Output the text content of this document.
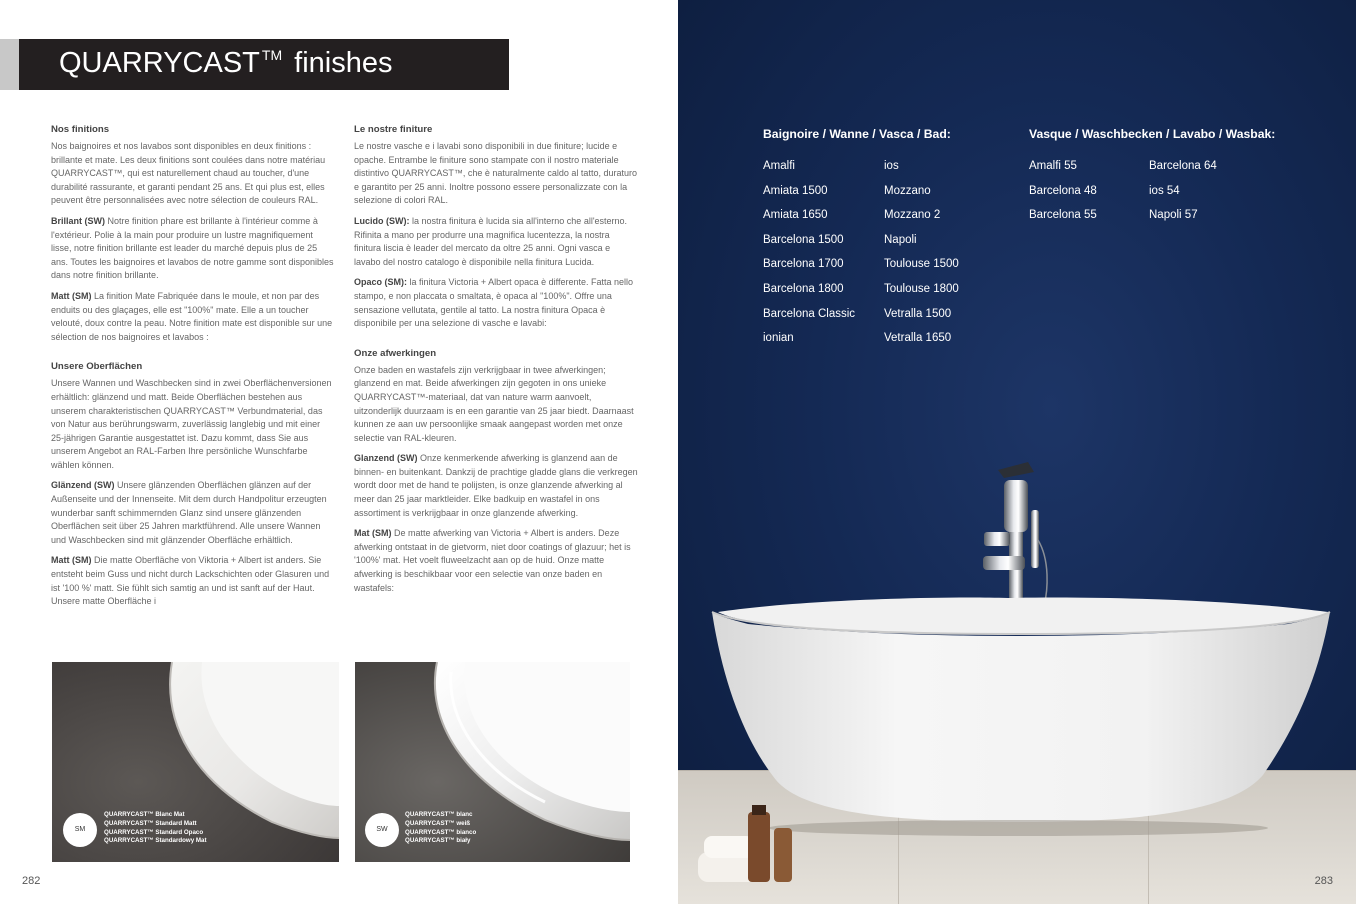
QUARRYCAST ™ finishes
Nos finitions

Nos baignoires et nos lavabos sont disponibles en deux finitions : brillante et mate. Les deux finitions sont coulées dans notre matériau QUARRYCAST™, qui est naturellement chaud au toucher, d'une durabilité rassurante, et garanti pendant 25 ans. Et qui plus est, elles peuvent être personnalisées avec notre sélection de couleurs RAL.

Brillant (SW) Notre finition phare est brillante à l'intérieur comme à l'extérieur. Polie à la main pour produire un lustre magnifiquement lisse, notre finition brillante est leader du marché depuis plus de 25 ans. Toutes les baignoires et lavabos de notre gamme sont disponibles dans notre finition brillante.

Matt (SM) La finition Mate Fabriquée dans le moule, et non par des enduits ou des glaçages, elle est "100%" mate. Elle a un toucher velouté, doux contre la peau. Notre finition mate est disponible sur une sélection de nos baignoires et lavabos :

Unsere Oberflächen

Unsere Wannen und Waschbecken sind in zwei Oberflächenversionen erhältlich: glänzend und matt. Beide Oberflächen bestehen aus unserem charakteristischen QUARRYCAST™ Verbundmaterial, das von Natur aus berührungswarm, zuverlässig langlebig und mit einer 25-jährigen Garantie ausgestattet ist. Dazu kommt, dass Sie aus unserem Angebot an RAL-Farben Ihre persönliche Wunschfarbe wählen können.

Glänzend (SW) Unsere glänzenden Oberflächen glänzen auf der Außenseite und der Innenseite. Mit dem durch Handpolitur erzeugten wunderbar sanft schimmernden Glanz sind unsere glänzenden Oberflächen seit über 25 Jahren marktführend. Alle unsere Wannen und Waschbecken sind mit glänzender Oberfläche erhältlich.

Matt (SM) Die matte Oberfläche von Viktoria + Albert ist anders. Sie entsteht beim Guss und nicht durch Lackschichten oder Glasuren und ist '100 %' matt. Sie fühlt sich samtig an und ist sanft auf der Haut. Unsere matte Oberfläche i

Le nostre finiture

Le nostre vasche e i lavabi sono disponibili in due finiture; lucide e opache. Entrambe le finiture sono stampate con il nostro materiale distintivo QUARRYCAST™, che è naturalmente caldo al tatto, duraturo e garantito per 25 anni. Inoltre possono essere personalizzate con la selezione di colori RAL.

Lucido (SW): la nostra finitura è lucida sia all'interno che all'esterno. Rifinita a mano per produrre una magnifica lucentezza, la nostra finitura liscia è leader del mercato da oltre 25 anni. Ogni vasca e lavabo del nostro catalogo è disponibile nella finitura Lucida.

Opaco (SM): la finitura Victoria + Albert opaca è differente. Fatta nello stampo, e non placcata o smaltata, è opaca al "100%". Offre una sensazione vellutata, gentile al tatto. La nostra finitura Opaca è disponibile per una selezione di vasche e lavabi:

Onze afwerkingen

Onze baden en wastafels zijn verkrijgbaar in twee afwerkingen; glanzend en mat. Beide afwerkingen zijn gegoten in ons unieke QUARRYCAST™-materiaal, dat van nature warm aanvoelt, uitzonderlijk duurzaam is en een garantie van 25 jaar biedt. Daarnaast kunnen ze aan uw persoonlijke smaak aangepast worden met onze selectie van RAL-kleuren.

Glanzend (SW) Onze kenmerkende afwerking is glanzend aan de binnen- en buitenkant. Dankzij de prachtige gladde glans die verkregen wordt door met de hand te polijsten, is onze glanzende afwerking al meer dan 25 jaar marktleider. Elke badkuip en wastafel in ons assortiment is verkrijgbaar in onze glanzende afwerking.

Mat (SM) De matte afwerking van Victoria + Albert is anders. Deze afwerking ontstaat in de gietvorm, niet door coatings of glazuur; het is '100%' mat. Het voelt fluweelzacht aan op de huid. Onze matte afwerking is beschikbaar voor een selectie van onze baden en wastafels:

SM
QUARRYCAST™ Blanc Mat
QUARRYCAST™ Standard Matt
QUARRYCAST™ Standard Opaco
QUARRYCAST™ Standardowy Mat
SW
QUARRYCAST™ blanc
QUARRYCAST™ weiß
QUARRYCAST™ bianco
QUARRYCAST™ biały
282
Baignoire / Wanne / Vasca / Bad:
Amalfi
Amiata 1500
Amiata 1650
Barcelona 1500
Barcelona 1700
Barcelona 1800
Barcelona Classic
ionian
ios
Mozzano
Mozzano 2
Napoli
Toulouse 1500
Toulouse 1800
Vetralla 1500
Vetralla 1650
Vasque / Waschbecken / Lavabo / Wasbak:
Amalfi 55
Barcelona 48
Barcelona 55
Barcelona 64
ios 54
Napoli 57
283
